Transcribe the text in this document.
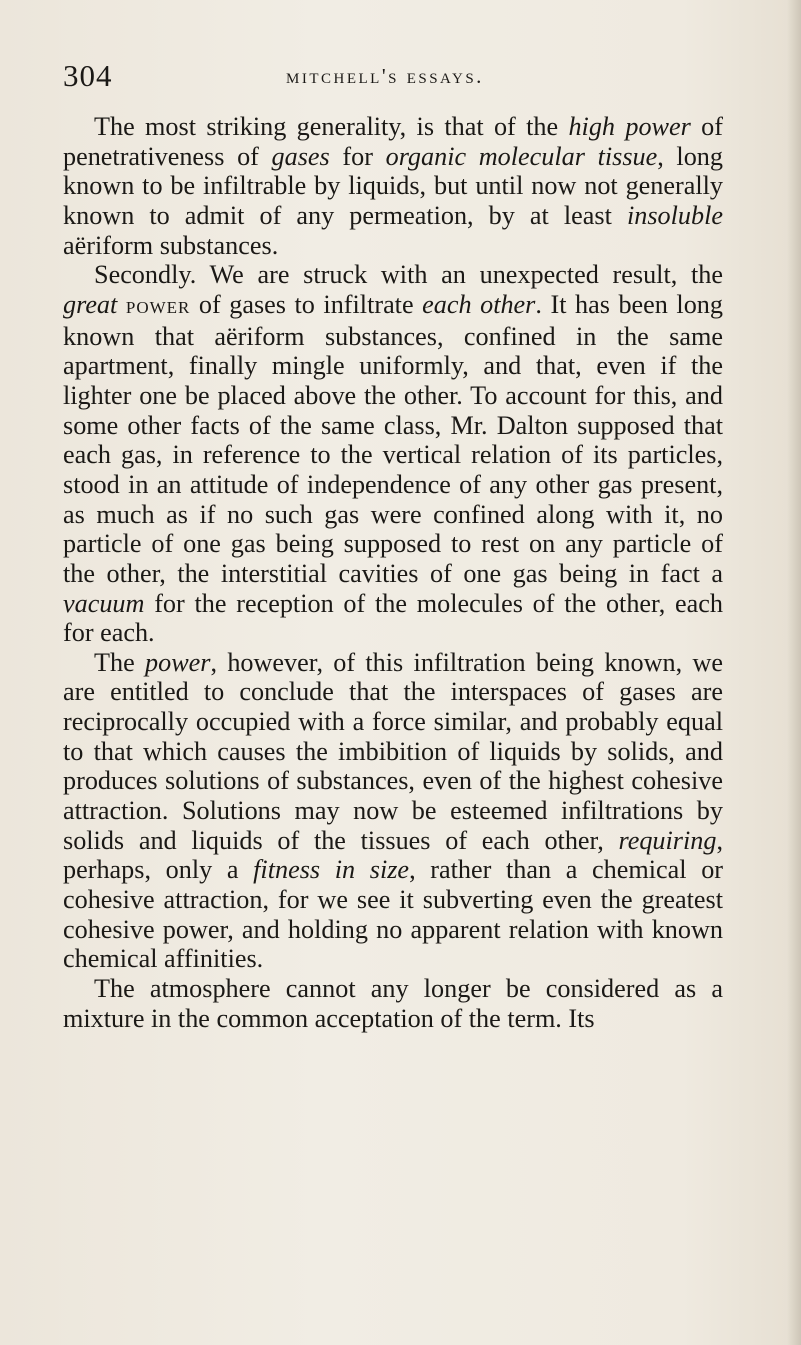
304	mitchell's essays.

The most striking generality, is that of the high power of penetrativeness of gases for organic molecular tissue, long known to be infiltrable by liquids, but until now not generally known to admit of any permeation, by at least insoluble aëriform substances.

Secondly. We are struck with an unexpected result, the great power of gases to infiltrate each other. It has been long known that aëriform substances, confined in the same apartment, finally mingle uniformly, and that, even if the lighter one be placed above the other. To account for this, and some other facts of the same class, Mr. Dalton supposed that each gas, in reference to the vertical relation of its particles, stood in an attitude of independence of any other gas present, as much as if no such gas were confined along with it, no particle of one gas being supposed to rest on any particle of the other, the interstitial cavities of one gas being in fact a vacuum for the reception of the molecules of the other, each for each.

The power, however, of this infiltration being known, we are entitled to conclude that the interspaces of gases are reciprocally occupied with a force similar, and probably equal to that which causes the imbibition of liquids by solids, and produces solutions of substances, even of the highest cohesive attraction. Solutions may now be esteemed infiltrations by solids and liquids of the tissues of each other, requiring, perhaps, only a fitness in size, rather than a chemical or cohesive attraction, for we see it subverting even the greatest cohesive power, and holding no apparent relation with known chemical affinities.

The atmosphere cannot any longer be considered as a mixture in the common acceptation of the term. Its
